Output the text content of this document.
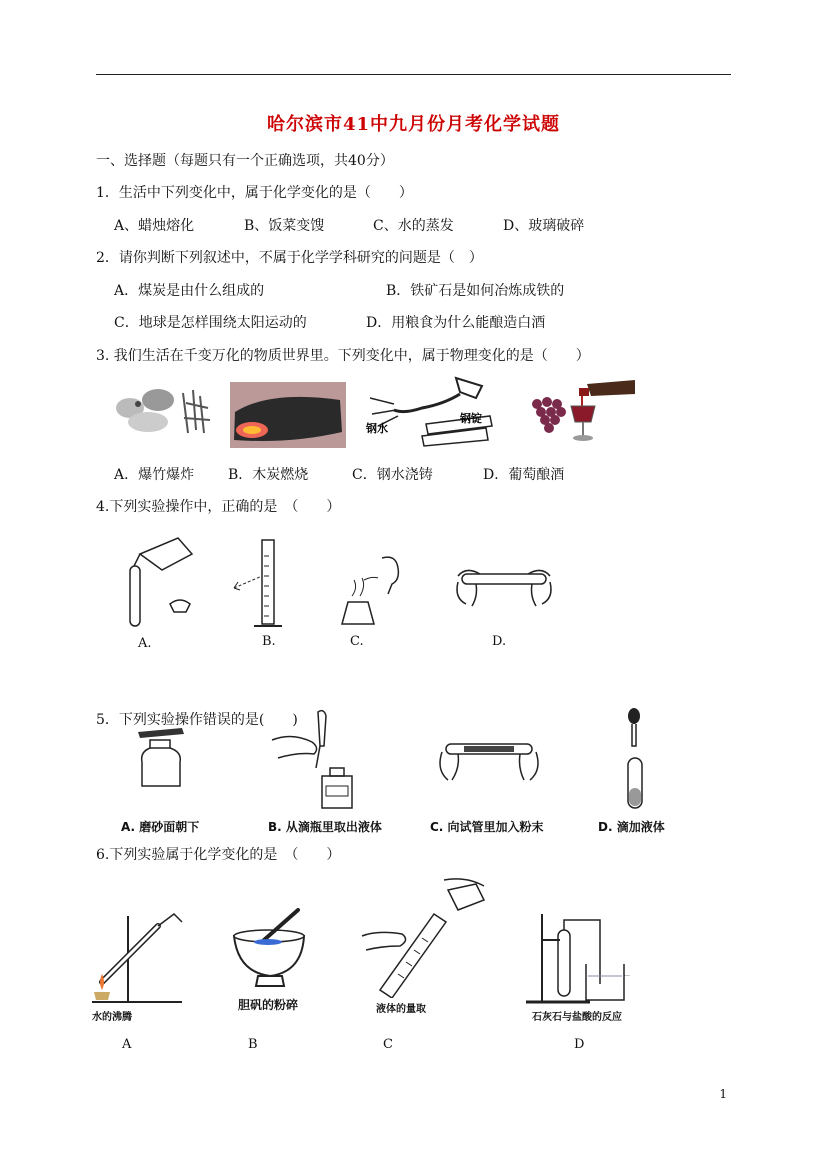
哈尔滨市41中九月份月考化学试题
一、选择题（每题只有一个正确选项，共40分）
1．生活中下列变化中，属于化学变化的是（　　）
A、蜡烛熔化	B、饭菜变馊	C、水的蒸发	D、玻璃破碎
2．请你判断下列叙述中，不属于化学学科研究的问题是（　）
A．煤炭是由什么组成的	B．铁矿石是如何冶炼成铁的
C．地球是怎样围绕太阳运动的	D．用粮食为什么能酿造白酒
3. 我们生活在千变万化的物质世界里。下列变化中，属于物理变化的是（　　）
钢水
钢锭
A．爆竹爆炸 B．木炭燃烧	C．钢水浇铸	D．葡萄酿酒
4.下列实验操作中，正确的是　（　　）
A.	B.	C.	D.
5．下列实验操作错误的是(　　)
A. 磨砂面朝下	B. 从滴瓶里取出液体	C. 向试管里加入粉末	D. 滴加液体
6.下列实验属于化学变化的是　（　　）
水的沸腾
胆矾的粉碎	液体的量取
…
石灰石与盐酸的反应
A	B	C	D
1
